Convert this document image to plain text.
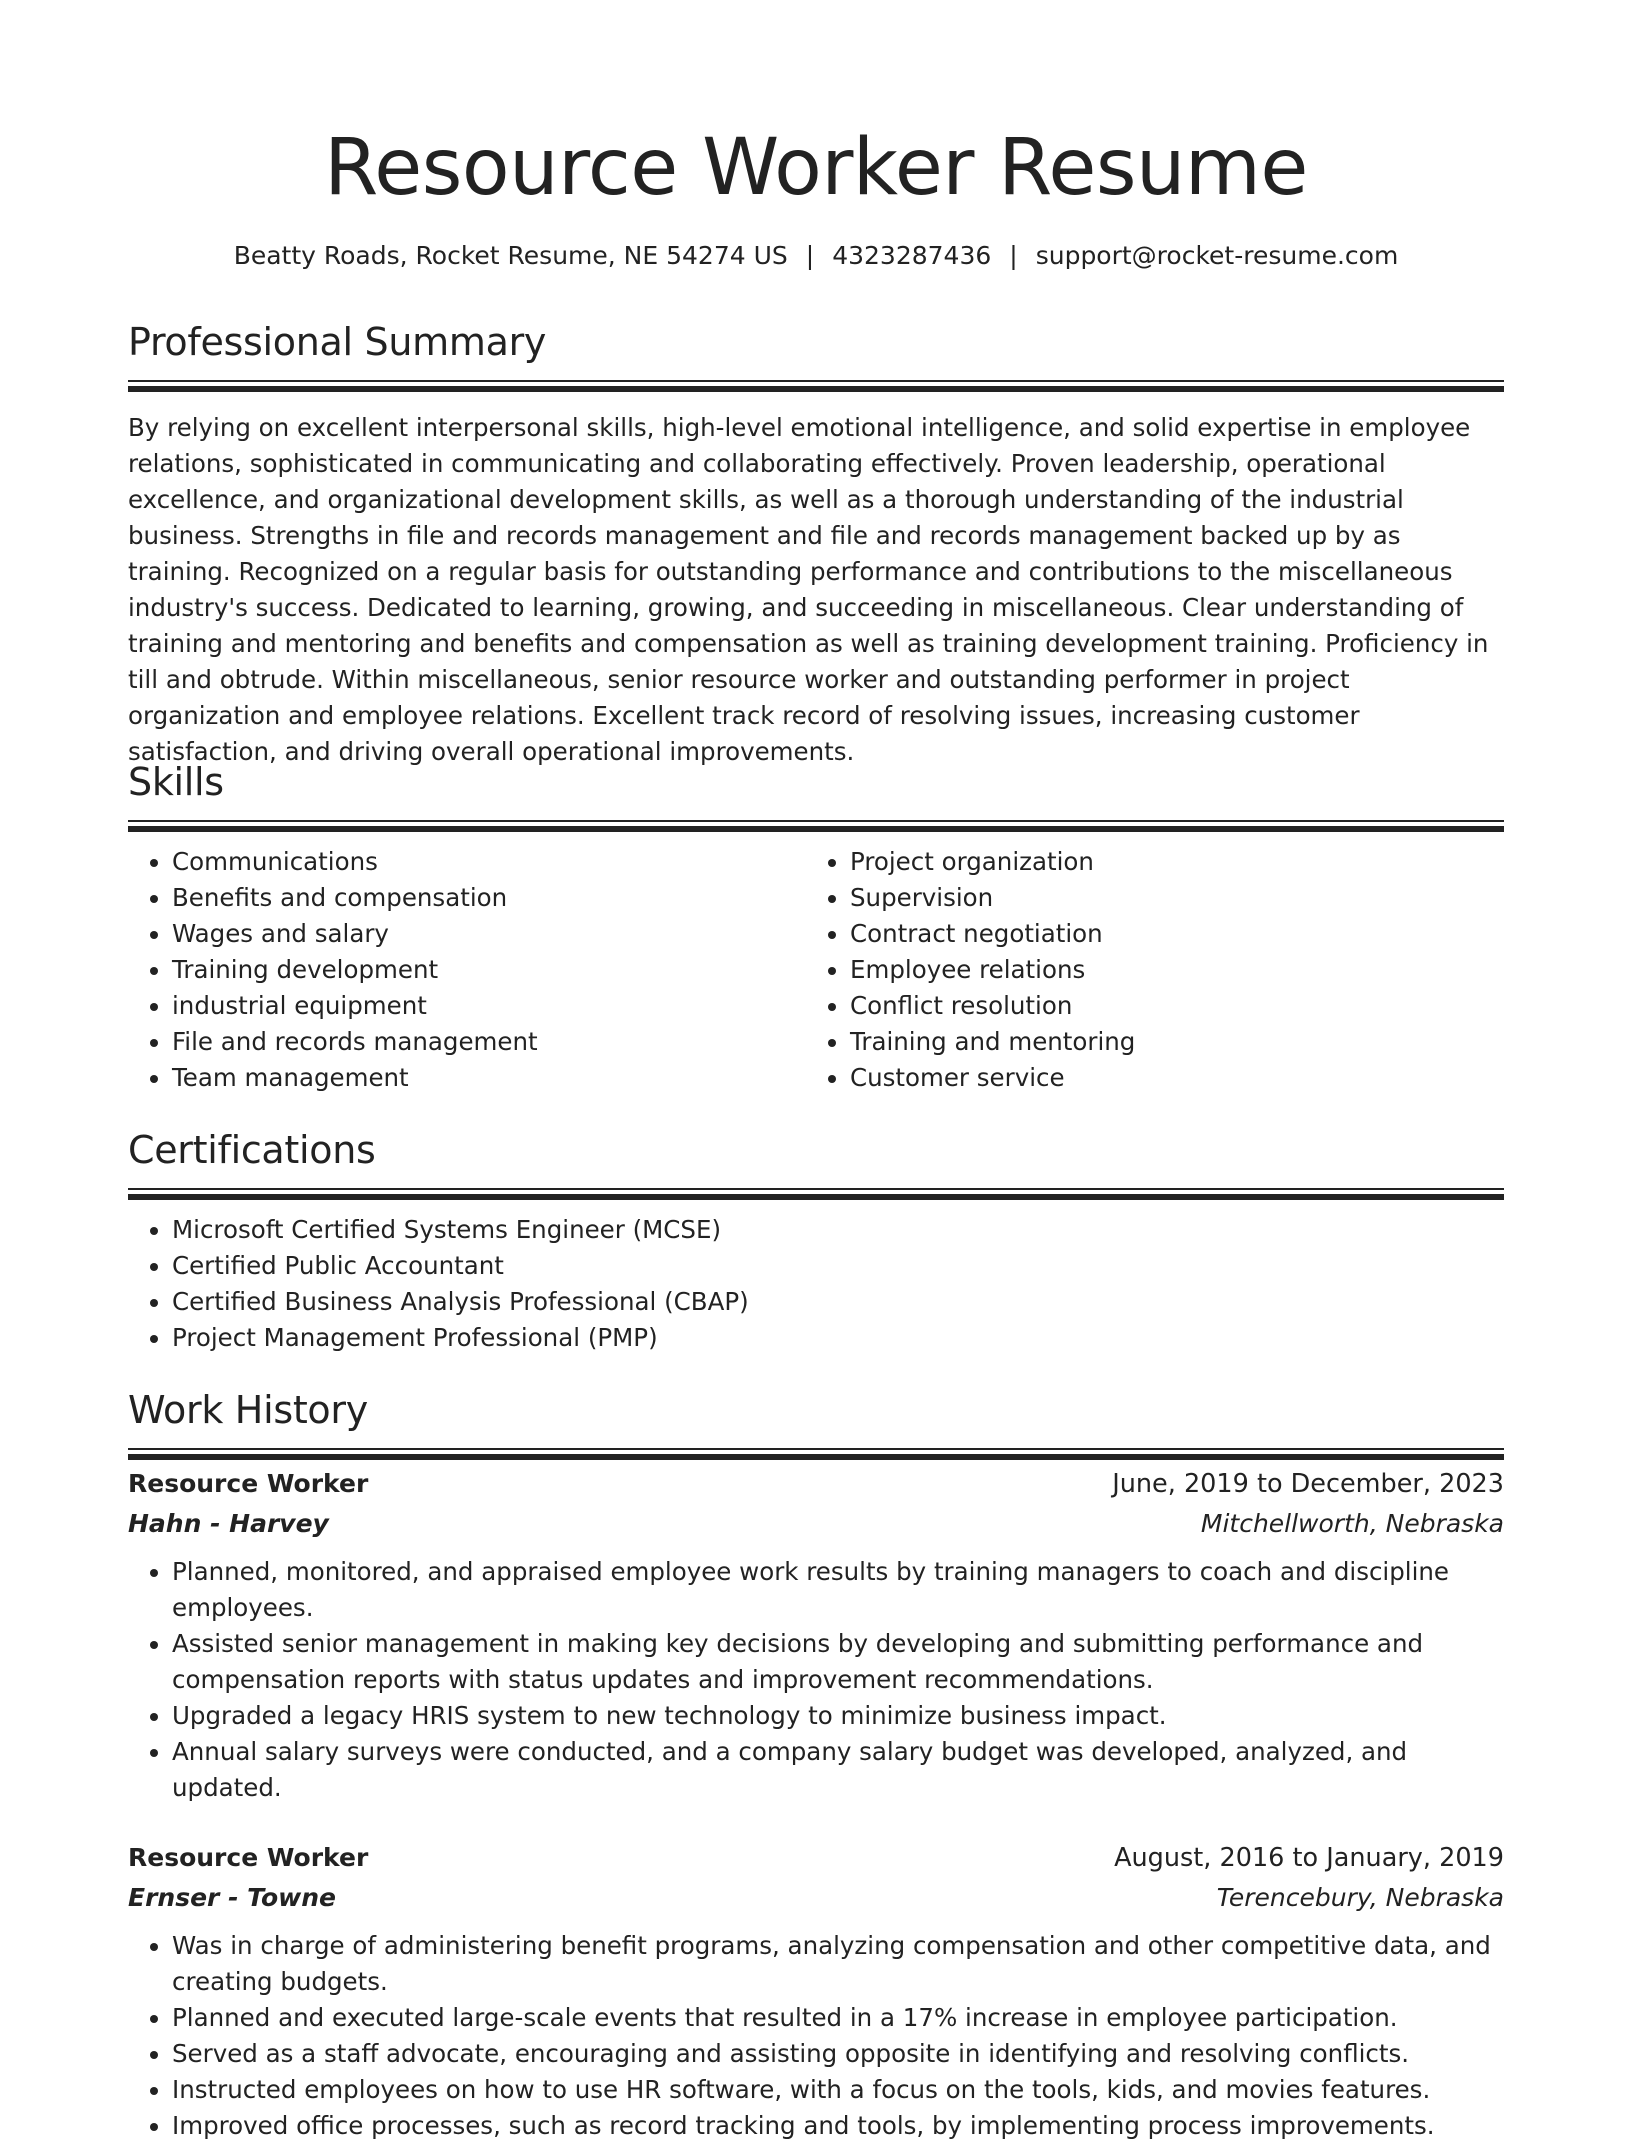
Resource Worker Resume
Beatty Roads, Rocket Resume, NE 54274 US | 4323287436 | support@rocket-resume.com
Professional Summary

By relying on excellent interpersonal skills, high-level emotional intelligence, and solid expertise in employee relations, sophisticated in communicating and collaborating effectively. Proven leadership, operational excellence, and organizational development skills, as well as a thorough understanding of the industrial business. Strengths in file and records management and file and records management backed up by as training. Recognized on a regular basis for outstanding performance and contributions to the miscellaneous industry's success. Dedicated to learning, growing, and succeeding in miscellaneous. Clear understanding of training and mentoring and benefits and compensation as well as training development training. Proficiency in till and obtrude. Within miscellaneous, senior resource worker and outstanding performer in project organization and employee relations. Excellent track record of resolving issues, increasing customer satisfaction, and driving overall operational improvements.

Skills
• Communications
• Benefits and compensation
• Wages and salary
• Training development
• industrial equipment
• File and records management
• Team management
• Project organization
• Supervision
• Contract negotiation
• Employee relations
• Conflict resolution
• Training and mentoring
• Customer service
Certifications
• Microsoft Certified Systems Engineer (MCSE)
• Certified Public Accountant
• Certified Business Analysis Professional (CBAP)
• Project Management Professional (PMP)
Work History
Resource Worker	June, 2019 to December, 2023
Hahn - Harvey	Mitchellworth, Nebraska
• Planned, monitored, and appraised employee work results by training managers to coach and discipline employees.
• Assisted senior management in making key decisions by developing and submitting performance and compensation reports with status updates and improvement recommendations.
• Upgraded a legacy HRIS system to new technology to minimize business impact.
• Annual salary surveys were conducted, and a company salary budget was developed, analyzed, and updated.
Resource Worker	August, 2016 to January, 2019
Ernser - Towne	Terencebury, Nebraska
• Was in charge of administering benefit programs, analyzing compensation and other competitive data, and creating budgets.
• Planned and executed large-scale events that resulted in a 17% increase in employee participation.
• Served as a staff advocate, encouraging and assisting opposite in identifying and resolving conflicts.
• Instructed employees on how to use HR software, with a focus on the tools, kids, and movies features.
• Improved office processes, such as record tracking and tools, by implementing process improvements.
